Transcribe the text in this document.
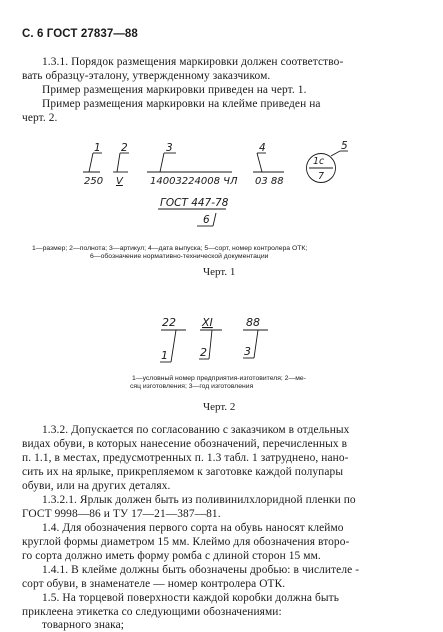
С. 6 ГОСТ 27837—88
1.3.1. Порядок размещения маркировки должен соответство-
вать образцу-эталону, утвержденному заказчиком.
Пример размещения маркировки приведен на черт. 1.
Пример размещения маркировки на клейме приведен на
черт. 2.
1 2	3	4	5
250 V	14003224008 ЧЛ 03 88
1с
7
ГОСТ 447-78
6
22 XI	88
1	2	3
1—размер; 2—полнота; 3—артикул; 4—дата выпуска; 5—сорт, номер контролера ОТК;
6—обозначение нормативно-технической документации
Черт. 1
1—условный номер предприятия-изготовителя; 2—ме-
сяц изготовления; 3—год изготовления
Черт. 2
1.3.2. Допускается по согласованию с заказчиком в отдельных
видах обуви, в которых нанесение обозначений, перечисленных в
п. 1.1, в местах, предусмотренных п. 1.3 табл. 1 затруднено, нано-
сить их на ярлыке, прикрепляемом к заготовке каждой полупары
обуви, или на других деталях.
1.3.2.1. Ярлык должен быть из поливинилхлоридной пленки по
ГОСТ 9998—86 и ТУ 17—21—387—81.
1.4. Для обозначения первого сорта на обувь наносят клеймо
круглой формы диаметром 15 мм. Клеймо для обозначения второ-
го сорта должно иметь форму ромба с длиной сторон 15 мм.
1.4.1. В клейме должны быть обозначены дробью: в числителе -
сорт обуви, в знаменателе — номер контролера ОТК.
1.5. На торцевой поверхности каждой коробки должна быть
приклеена этикетка со следующими обозначениями:
товарного знака;
